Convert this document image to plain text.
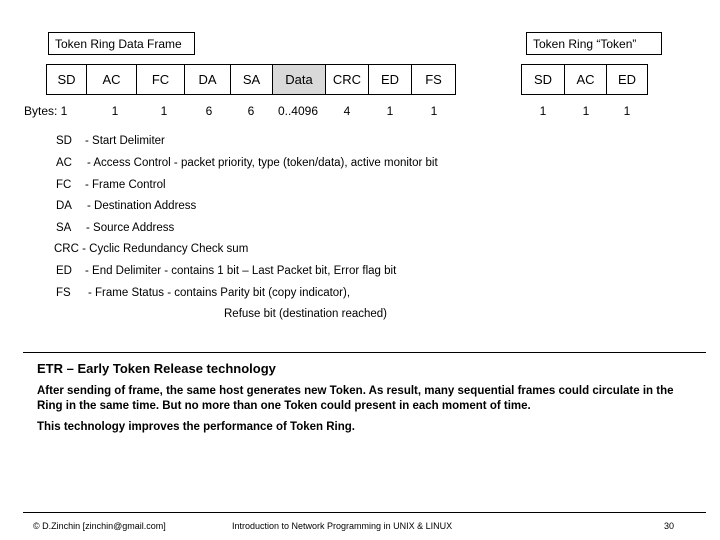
Token Ring Data Frame	Token Ring “Token”
SD AC FC DA SA Data CRC ED FS	SD AC ED
Bytes: 1	1	1	6	6	0..4096	4	1	1	1	1	1
SD - Start Delimiter
AC - Access Control - packet priority, type (token/data), active monitor bit
FC - Frame Control
DA - Destination Address
SA - Source Address
CRC - Cyclic Redundancy Check sum
ED - End Delimiter - contains 1 bit – Last Packet bit, Error flag bit
FS - Frame Status - contains Parity bit (copy indicator),
Refuse bit (destination reached)
ETR – Early Token Release technology
After sending of frame, the same host generates new Token. As result, many sequential frames could circulate in the Ring in the same time. But no more than one Token could present in each moment of time.
This technology improves the performance of Token Ring.
© D.Zinchin [zinchin@gmail.com]	Introduction to Network Programming in UNIX & LINUX	30
